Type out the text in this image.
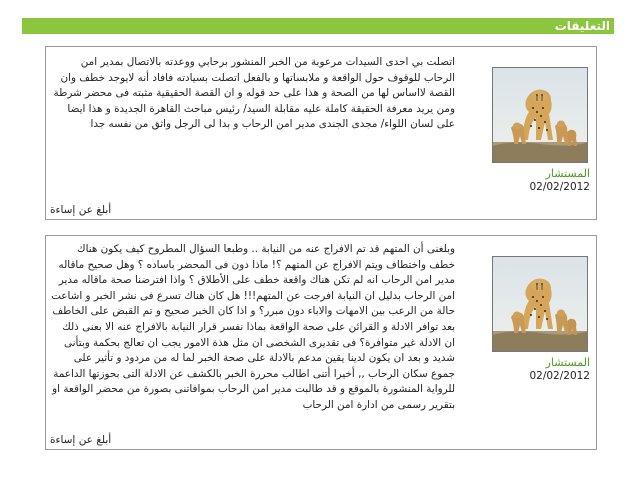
التعليقات
المستشار
02/02/2012
اتصلت بي احدى السيدات مرعوبة من الخبر المنشور برحابي ووعدته بالاتصال بمدير امن الرحاب للوقوف حول الواقعة و ملابساتها و بالفعل اتصلت بسيادته فافاد أنه لايوجد خطف وان القصة لااساس لها من الصحة و هذا على حد قوله و ان القصة الحقيقية مثبته فى محضر شرطة ومن يريد معرفة الحقيقة كاملة عليه مقابلة السيد/ رئيس مباحث القاهرة الجديدة و هذا ايضا على لسان اللواء/ مجدى الجندى مدير امن الرحاب و بدا لى الرجل واثق من نفسه جدا
أبلغ عن إساءة
المستشار
02/02/2012
وبلغنى أن المتهم قد تم الافراج عنه من النيابة .. وطبعا السؤال المطروح كيف يكون هناك خطف واختطاف ويتم الافراج عن المتهم ؟! ماذا دون فى المحضر باساده ؟ وهل صحيح ماقاله مدير امن الرحاب انه لم تكن هناك واقعة خطف على الأطلاق ؟ واذا افترضنا صحة ماقاله مدير امن الرحاب بدليل ان النيابة افرجت عن المتهم!!! هل كان هناك تسرع فى نشر الخبر و اشاعت حالة من الرعب بين الامهات والاباء دون مبرر؟ و اذا كان الخبر صحيح و تم القبض على الخاطف بعد توافر الادلة و القرائن على صحة الواقعة بماذا نفسر قرار النيابة بالافراج عنه الا بعنى ذلك ان الادلة غير متوافرة؟ فى تقديرى الشخصى ان مثل هذة الامور يجب ان تعالج بحكمة وبتأنى شديد و بعد ان يكون لدينا يقين مدعم بالادلة على صحة الخبر لما له من مردود و تأثير على جموع سكان الرحاب ,, أخيرا أتنى اطالب محررة الخبر بالكشف عن الادلة التى بحوزتها الداعمة للرواية المنشورة بالموقع و قد طالبت مدير امن الرحاب بموافاتنى بصورة من محضر الواقعة او بتقرير رسمى من ادارة امن الرحاب
أبلغ عن إساءة
